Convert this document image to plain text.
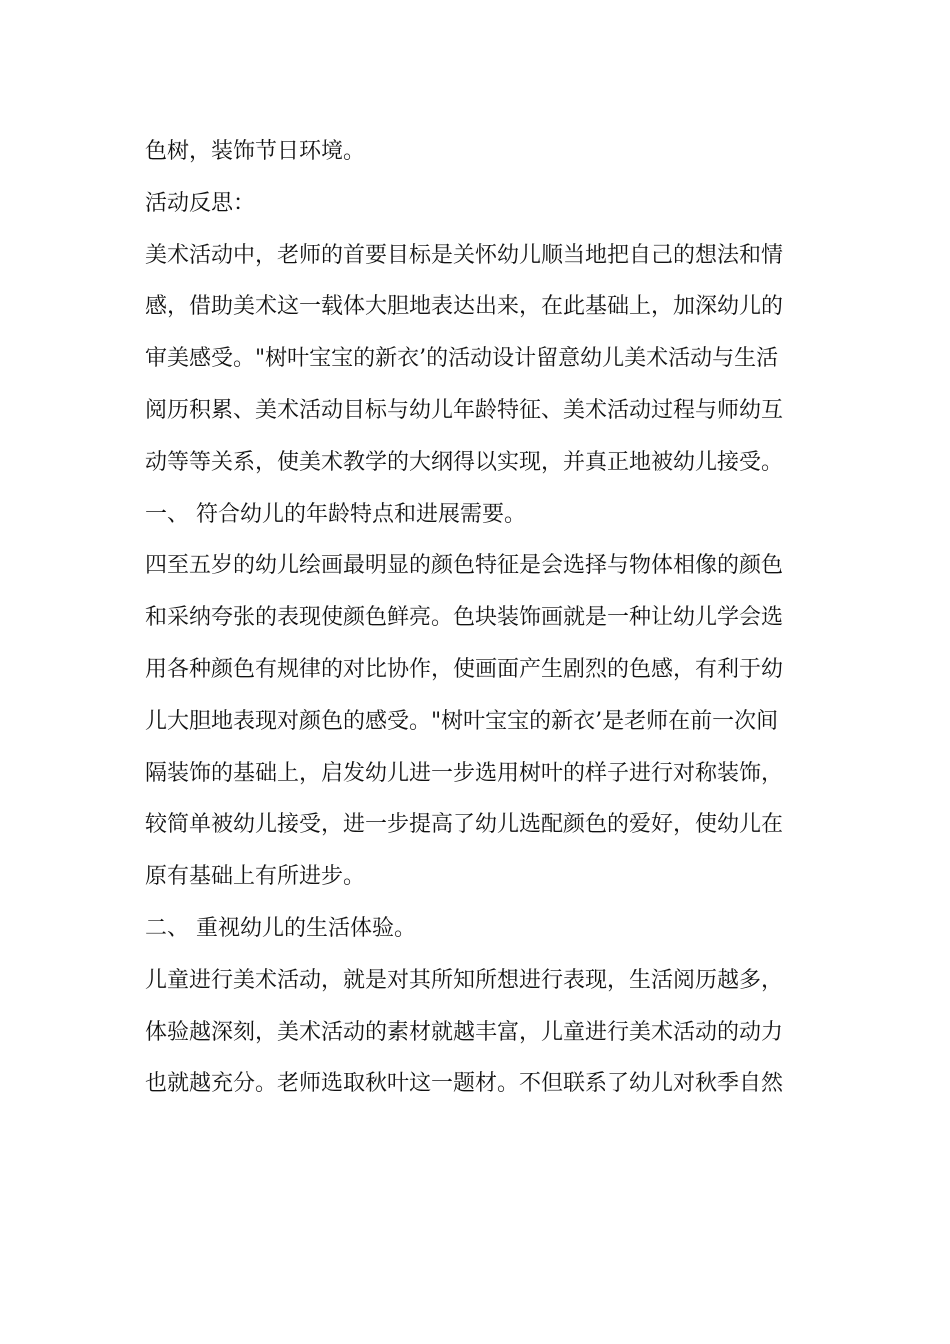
色树，装饰节日环境。
活动反思：
美术活动中，老师的首要目标是关怀幼儿顺当地把自己的想法和情
感，借助美术这一载体大胆地表达出来，在此基础上，加深幼儿的
审美感受。"树叶宝宝的新衣’的活动设计留意幼儿美术活动与生活
阅历积累、美术活动目标与幼儿年龄特征、美术活动过程与师幼互
动等等关系，使美术教学的大纲得以实现，并真正地被幼儿接受。
一、 符合幼儿的年龄特点和进展需要。
四至五岁的幼儿绘画最明显的颜色特征是会选择与物体相像的颜色
和采纳夸张的表现使颜色鲜亮。色块装饰画就是一种让幼儿学会选
用各种颜色有规律的对比协作，使画面产生剧烈的色感，有利于幼
儿大胆地表现对颜色的感受。"树叶宝宝的新衣’是老师在前一次间
隔装饰的基础上，启发幼儿进一步选用树叶的样子进行对称装饰，
较简单被幼儿接受，进一步提高了幼儿选配颜色的爱好，使幼儿在
原有基础上有所进步。
二、 重视幼儿的生活体验。
儿童进行美术活动，就是对其所知所想进行表现，生活阅历越多，
体验越深刻，美术活动的素材就越丰富，儿童进行美术活动的动力
也就越充分。老师选取秋叶这一题材。不但联系了幼儿对秋季自然
